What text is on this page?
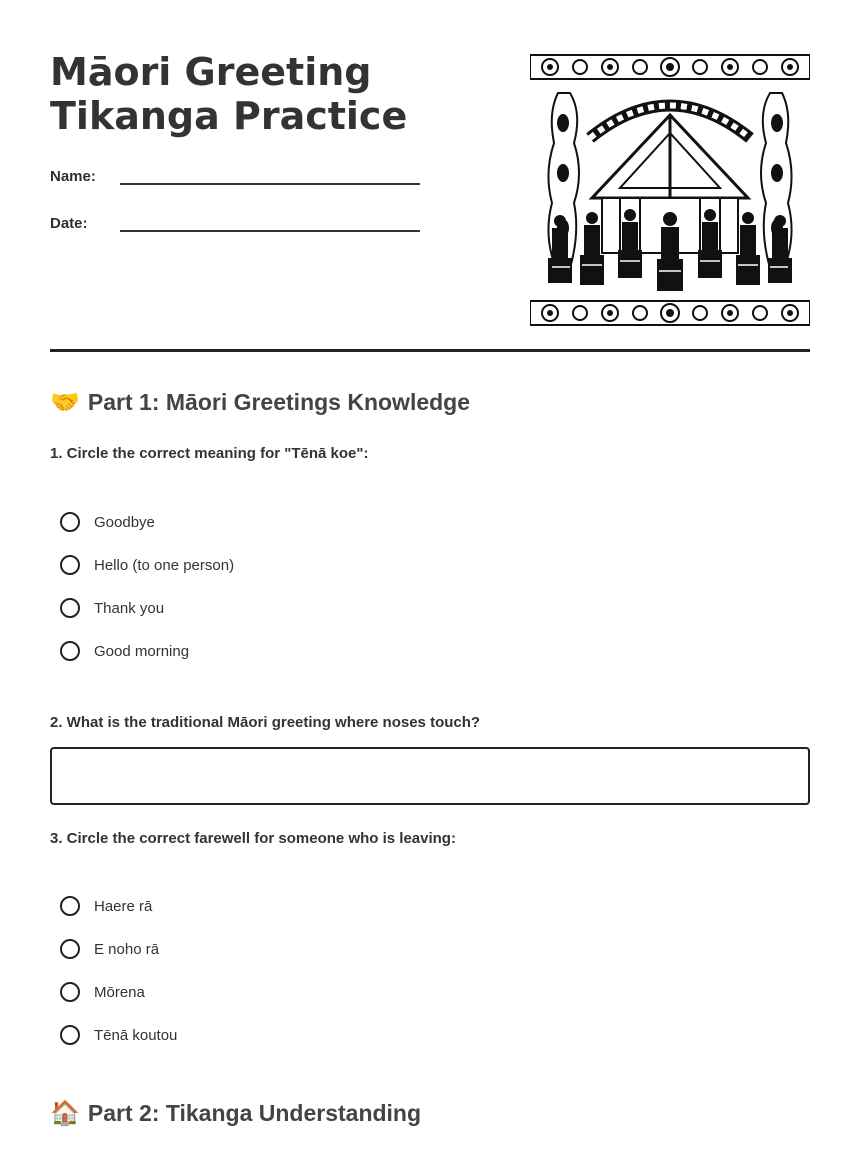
Māori Greeting Tikanga Practice
Name:
Date:
🤝 Part 1: Māori Greetings Knowledge

1. Circle the correct meaning for "Tēnā koe":

Goodbye
Hello (to one person)
Thank you
Good morning

2. What is the traditional Māori greeting where noses touch?

3. Circle the correct farewell for someone who is leaving:

Haere rā
E noho rā
Mōrena
Tēnā koutou
🏠 Part 2: Tikanga Understanding
